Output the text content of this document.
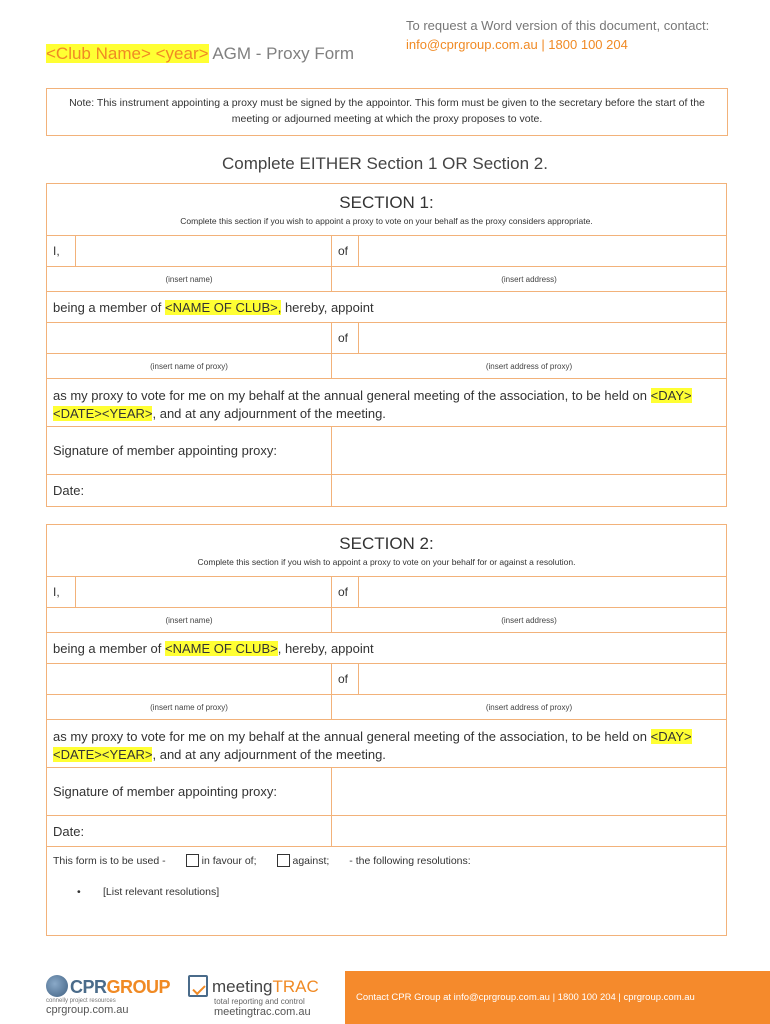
<Club Name> <year> AGM - Proxy Form
To request a Word version of this document, contact:
info@cprgroup.com.au | 1800 100 204
Note: This instrument appointing a proxy must be signed by the appointor. This form must be given to the secretary before the start of the meeting or adjourned meeting at which the proxy proposes to vote.
Complete EITHER Section 1 OR Section 2.
SECTION 1:
Complete this section if you wish to appoint a proxy to vote on your behalf as the proxy considers appropriate.
I,	of
(insert name)	(insert address)
being a member of <NAME OF CLUB>, hereby, appoint
of
(insert name of proxy)	(insert address of proxy)
as my proxy to vote for me on my behalf at the annual general meeting of the association, to be held on <DAY><DATE><YEAR>, and at any adjournment of the meeting.
Signature of member appointing proxy:
Date:
SECTION 2:
Complete this section if you wish to appoint a proxy to vote on your behalf for or against a resolution.
I,	of
(insert name)	(insert address)
being a member of <NAME OF CLUB> , hereby, appoint
of
(insert name of proxy)	(insert address of proxy)
as my proxy to vote for me on my behalf at the annual general meeting of the association, to be held on <DAY><DATE><YEAR>, and at any adjournment of the meeting.
Signature of member appointing proxy:
Date:
This form is to be used -	in favour of;	against; - the following resolutions:
•	[List relevant resolutions]
CPRGROUP
connelly project resources
cprgroup.com.au
meetingTRAC
total reporting and control
meetingtrac.com.au
Contact CPR Group at info@cprgroup.com.au | 1800 100 204 | cprgroup.com.au
